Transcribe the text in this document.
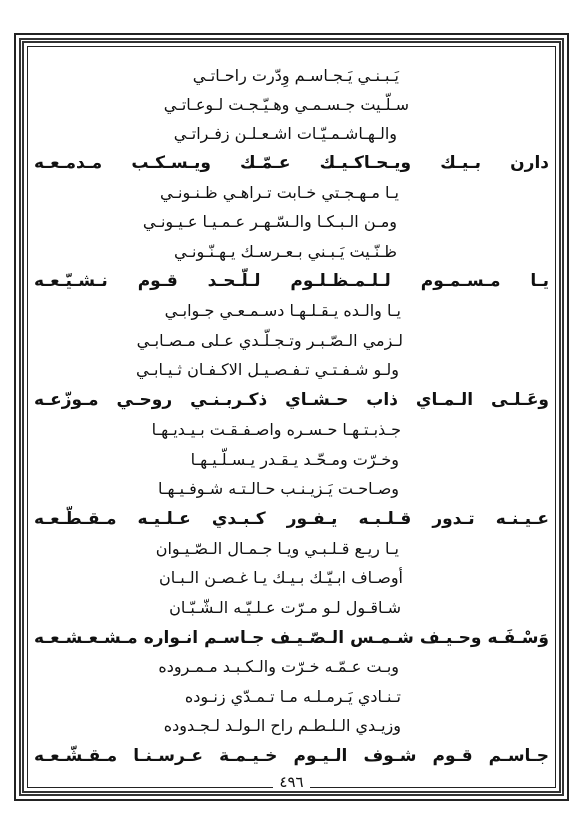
يَـبـنـي يَـجـاسـم وِدّرت راحـاتـي
سـلّـيت جـسـمـي وهـيّـجـت لـوعـاتـي
والـهـاشـمـيّـات اشـعـلـن زفـراتـي
دارن بـيـك ويـحـاكـيـك عـمّـك ويـسـكـب مـدمـعـه
يـا مـهـجـتي خـابت تـراهـي ظـنـونـي
ومـن الـبـكـا والـسّـهـر عـمـيـا عـيـونـي
ظـنّـيت يَـبـني بـعـرسـك يـهـنّـونـي
يـا مـسـمـوم لـلـمـظـلـوم لـلّـحـد قـوم نـشـيّـعـه
يـا والـده يـقـلـهـا دسـمـعـي جـوابـي
لـزمي الـصّـبـر وتـجـلّـدي عـلى مـصـابـي
ولـو شـفـتـي تـفـصـيـل الاكـفـان ثـيـابـي
وعَـلـى الـمـاي ذاب حـشـاي ذكـربـنـي روحـي مـوزّعـه
جـذبـتـهـا حـسـره واصـفـقـت بـيـديـهـا
وخـرّت ومـحّـد يـقـدر يـسـلّـيـهـا
وصـاحـت يَـزيـنـب حـالـتـه شـوفـيـهـا
عـيـنـه تـدور قـلـبـه يـفـور كـبـدي عـلـيـه مـقـطّـعـه
يـا ريـع قـلـبـي ويـا جـمـال الـصّـيـوان
أوصـاف ابـيّـك بـيـك يـا غـصـن الـبـان
شـاقـول لـو مـرّت عـلـيّـه الـشّـبّـان
وَسْـفَـه وحـيـف شـمـس الـصّـيـف جـاسـم انـواره مـشـعـشـعـه
وبـت عـمّـه خـرّت والـكـبـد مـمـروده
تـنـادي يَـرمـلـه مـا تـمـدّي زنـوده
وزيـدي الـلـطـم راح الـولـد لـجـدوده
جـاسـم قـوم شـوف الـيـوم خـيـمـة عـرسـنـا مـقـشّـعـه
٤٩٦
